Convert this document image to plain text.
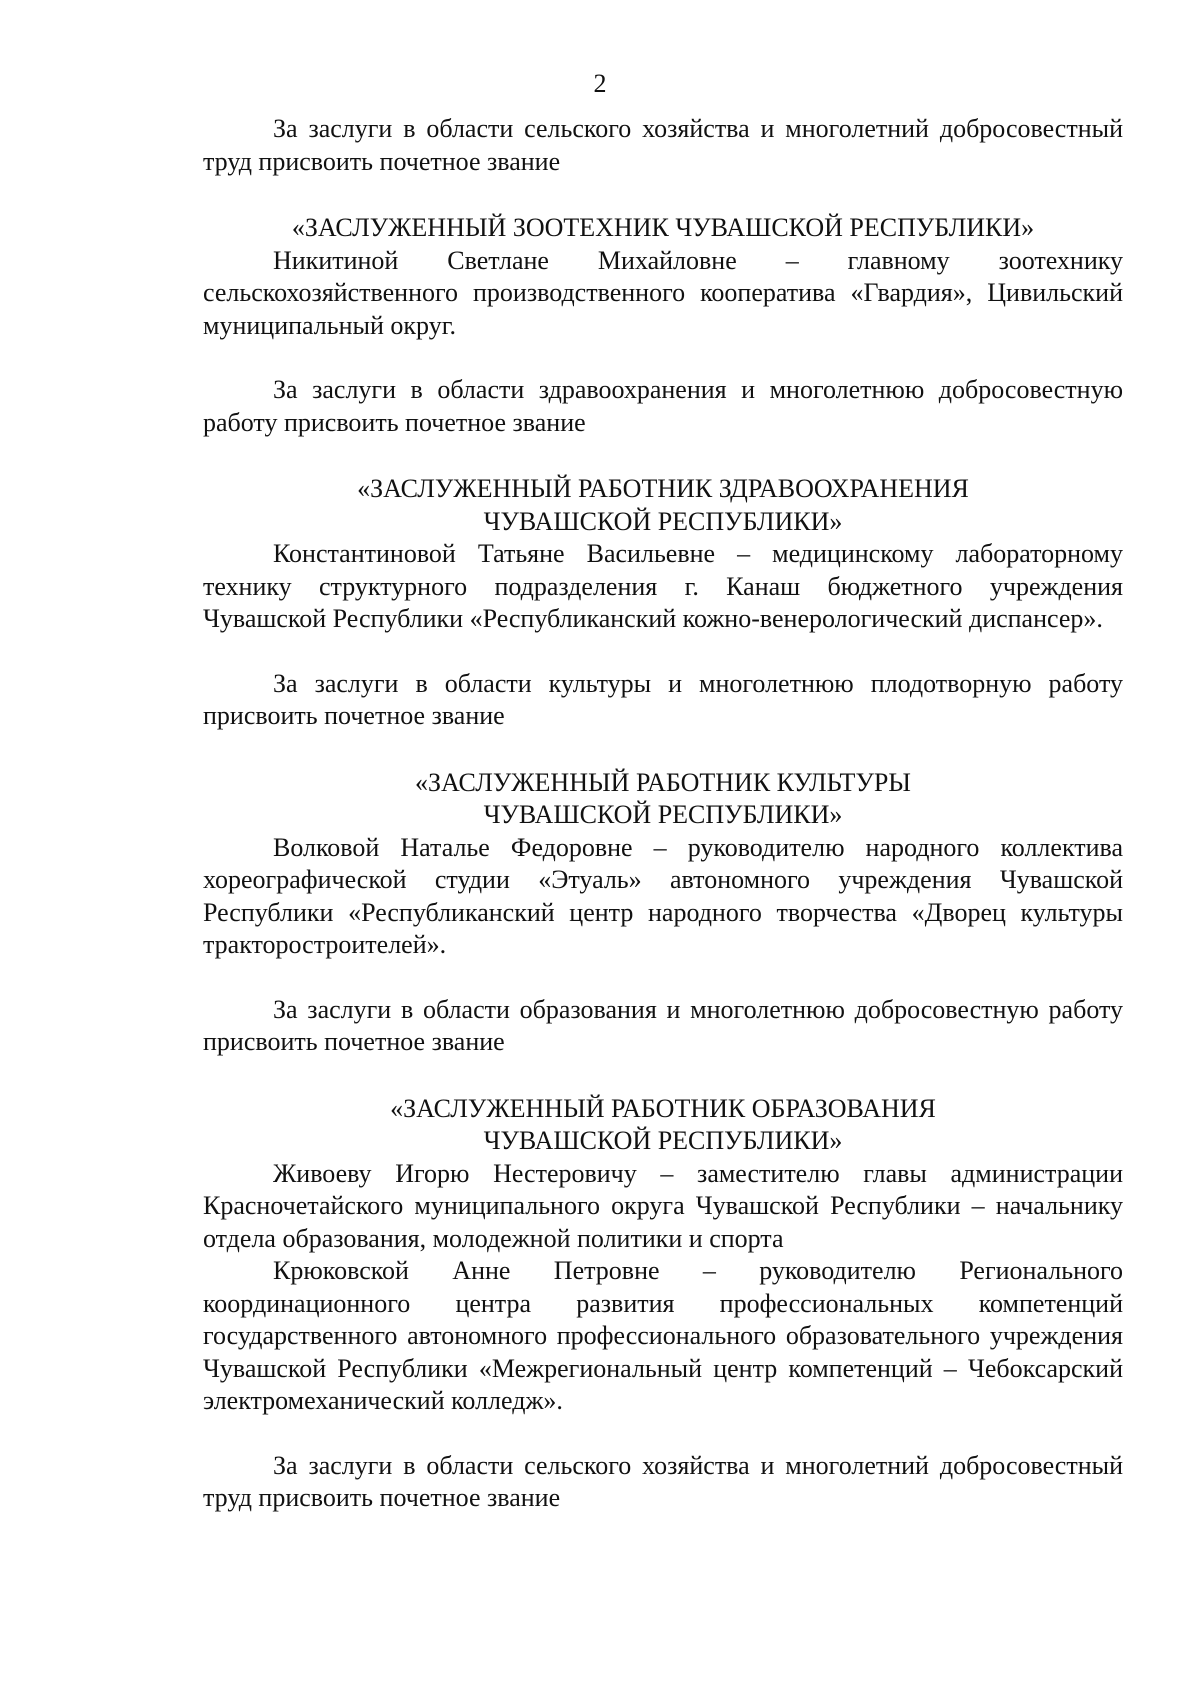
2

За заслуги в области сельского хозяйства и многолетний добросовестный труд присвоить почетное звание

«ЗАСЛУЖЕННЫЙ ЗООТЕХНИК ЧУВАШСКОЙ РЕСПУБЛИКИ»

Никитиной Светлане Михайловне – главному зоотехнику сельскохозяйственного производственного кооператива «Гвардия», Цивильский муниципальный округ.

За заслуги в области здравоохранения и многолетнюю добросовестную работу присвоить почетное звание

«ЗАСЛУЖЕННЫЙ РАБОТНИК ЗДРАВООХРАНЕНИЯ
ЧУВАШСКОЙ РЕСПУБЛИКИ»

Константиновой Татьяне Васильевне – медицинскому лабораторному технику структурного подразделения г. Канаш бюджетного учреждения Чувашской Республики «Республиканский кожно-венерологический диспансер».

За заслуги в области культуры и многолетнюю плодотворную работу присвоить почетное звание

«ЗАСЛУЖЕННЫЙ РАБОТНИК КУЛЬТУРЫ
ЧУВАШСКОЙ РЕСПУБЛИКИ»

Волковой Наталье Федоровне – руководителю народного коллектива хореографической студии «Этуаль» автономного учреждения Чувашской Республики «Республиканский центр народного творчества «Дворец культуры тракторостроителей».

За заслуги в области образования и многолетнюю добросовестную работу присвоить почетное звание

«ЗАСЛУЖЕННЫЙ РАБОТНИК ОБРАЗОВАНИЯ
ЧУВАШСКОЙ РЕСПУБЛИКИ»

Живоеву Игорю Нестеровичу – заместителю главы администрации Красночетайского муниципального округа Чувашской Республики – начальнику отдела образования, молодежной политики и спорта

Крюковской Анне Петровне – руководителю Регионального координационного центра развития профессиональных компетенций государственного автономного профессионального образовательного учреждения Чувашской Республики «Межрегиональный центр компетенций – Чебоксарский электромеханический колледж».

За заслуги в области сельского хозяйства и многолетний добросовестный труд присвоить почетное звание
